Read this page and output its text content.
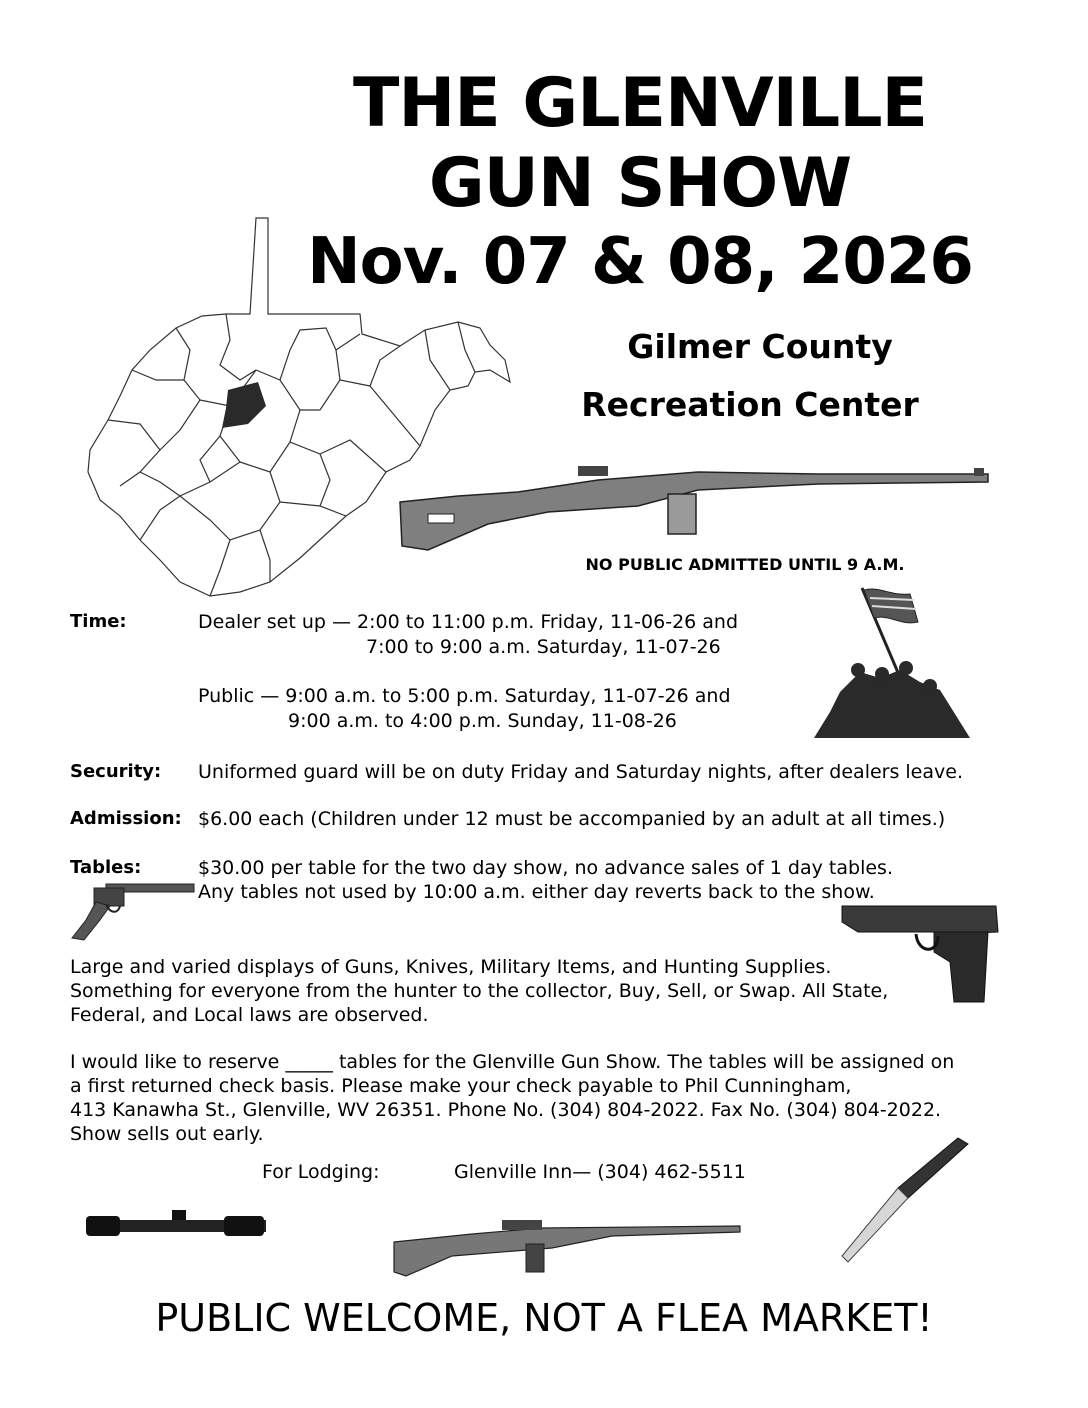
THE GLENVILLE
GUN SHOW
Nov. 07 & 08, 2026
Gilmer County
Recreation Center
NO PUBLIC ADMITTED UNTIL 9 A.M.
Time:	Dealer set up — 2:00 to 11:00 p.m. Friday, 11-06-26 and
7:00 to 9:00 a.m. Saturday, 11-07-26
Public — 9:00 a.m. to 5:00 p.m. Saturday, 11-07-26 and
9:00 a.m. to 4:00 p.m. Sunday, 11-08-26
Security: Uniformed guard will be on duty Friday and Saturday nights, after dealers leave.
Admission: $6.00 each (Children under 12 must be accompanied by an adult at all times.)
Tables:	$30.00 per table for the two day show, no advance sales of 1 day tables.
Any tables not used by 10:00 a.m. either day reverts back to the show.
Large and varied displays of Guns, Knives, Military Items, and Hunting Supplies.
Something for everyone from the hunter to the collector, Buy, Sell, or Swap. All State,
Federal, and Local laws are observed.
I would like to reserve _____ tables for the Glenville Gun Show. The tables will be assigned on
a first returned check basis. Please make your check payable to Phil Cunningham,
413 Kanawha St., Glenville, WV 26351. Phone No. (304) 804-2022. Fax No. (304) 804-2022.
Show sells out early.
For Lodging:	Glenville Inn— (304) 462-5511
PUBLIC WELCOME, NOT A FLEA MARKET!
